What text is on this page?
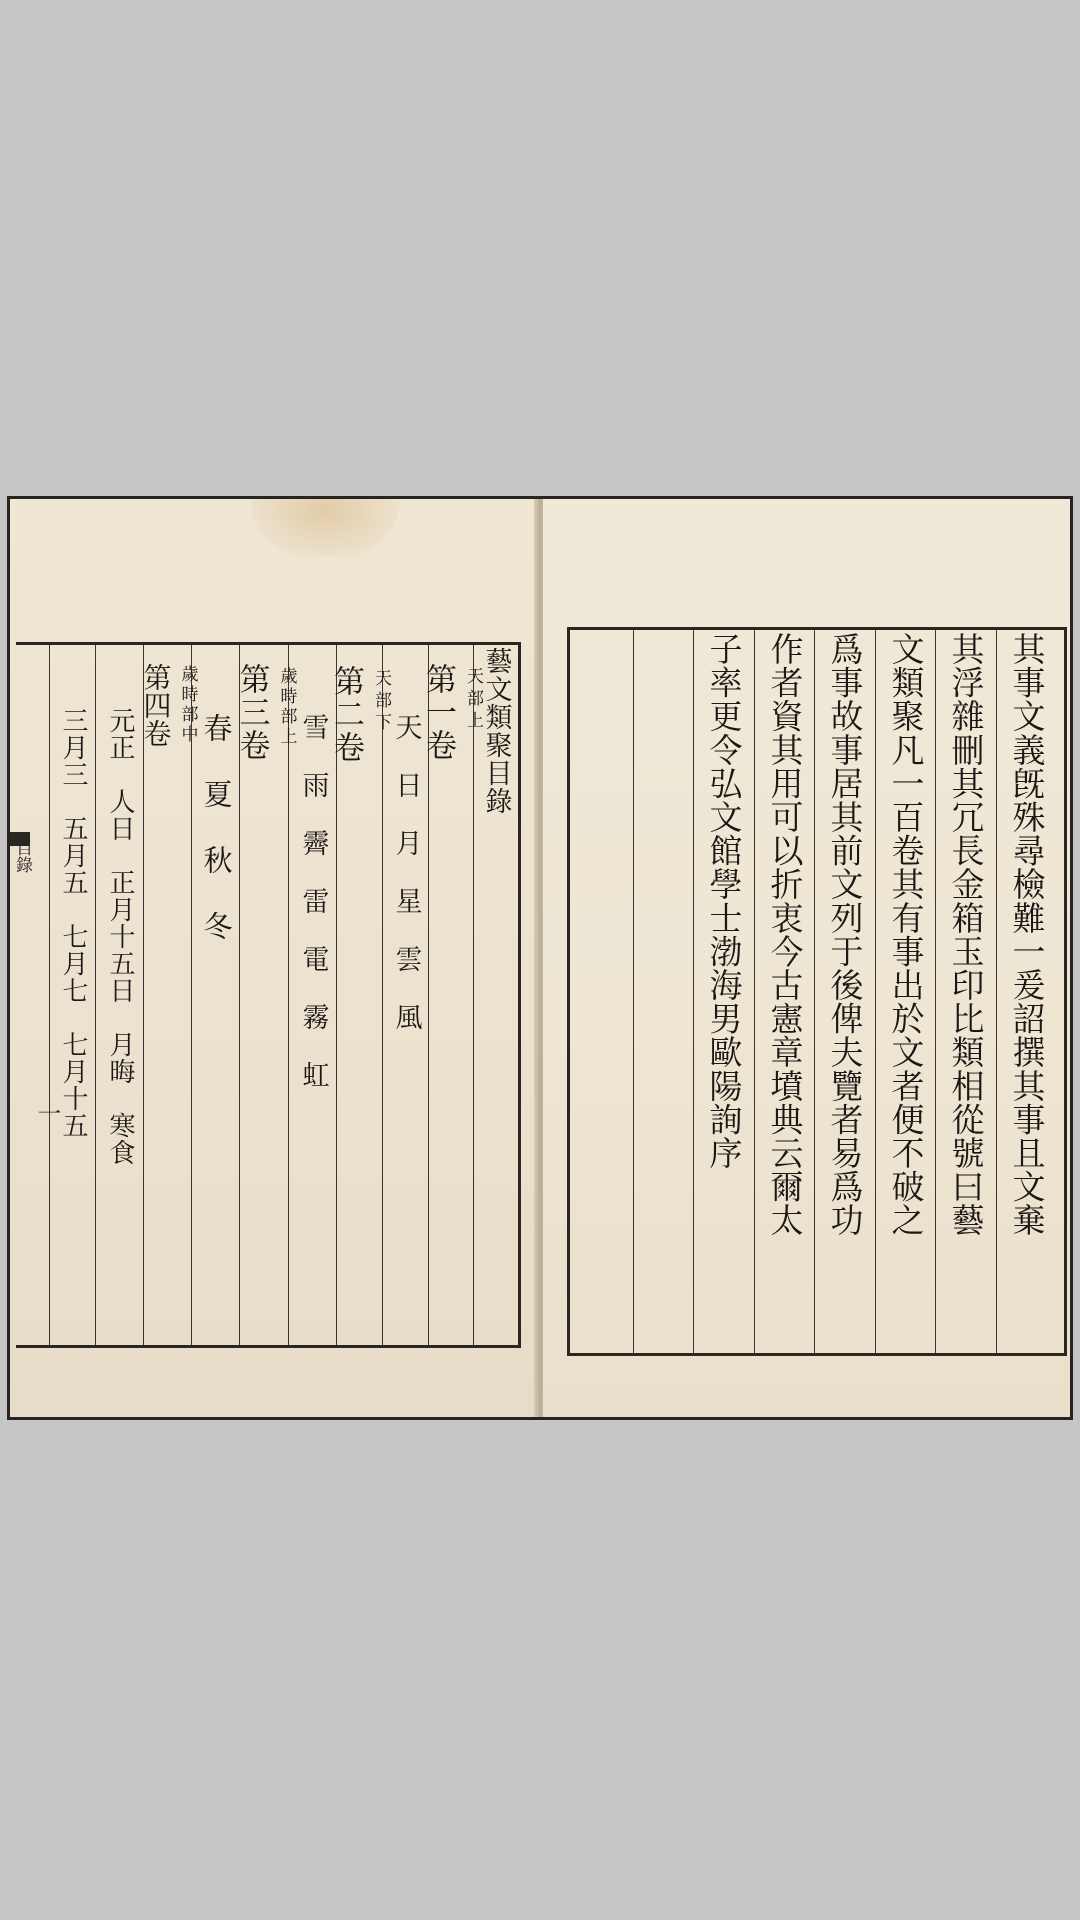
目錄
一
藝文類聚目錄
第一卷 天部上
天　日　月　星　雲　風
第二卷 天部下
雪　雨　霽　雷　電　霧　虹
第三卷 歲時部上
春　夏　秋　冬
第四卷 歲時部中
元正　人日　正月十五日　月晦　寒食
三月三　五月五　七月七　七月十五
　	其事文義旣殊尋檢難一爰詔撰其事且文棄
其浮雜刪其冗長金箱玉印比類相從號曰藝
文類聚凡一百卷其有事出於文者便不破之
爲事故事居其前文列于後俾夫覽者易爲功
作者資其用可以折衷今古憲章墳典云爾太
子率更令弘文館學士渤海男歐陽詢序
